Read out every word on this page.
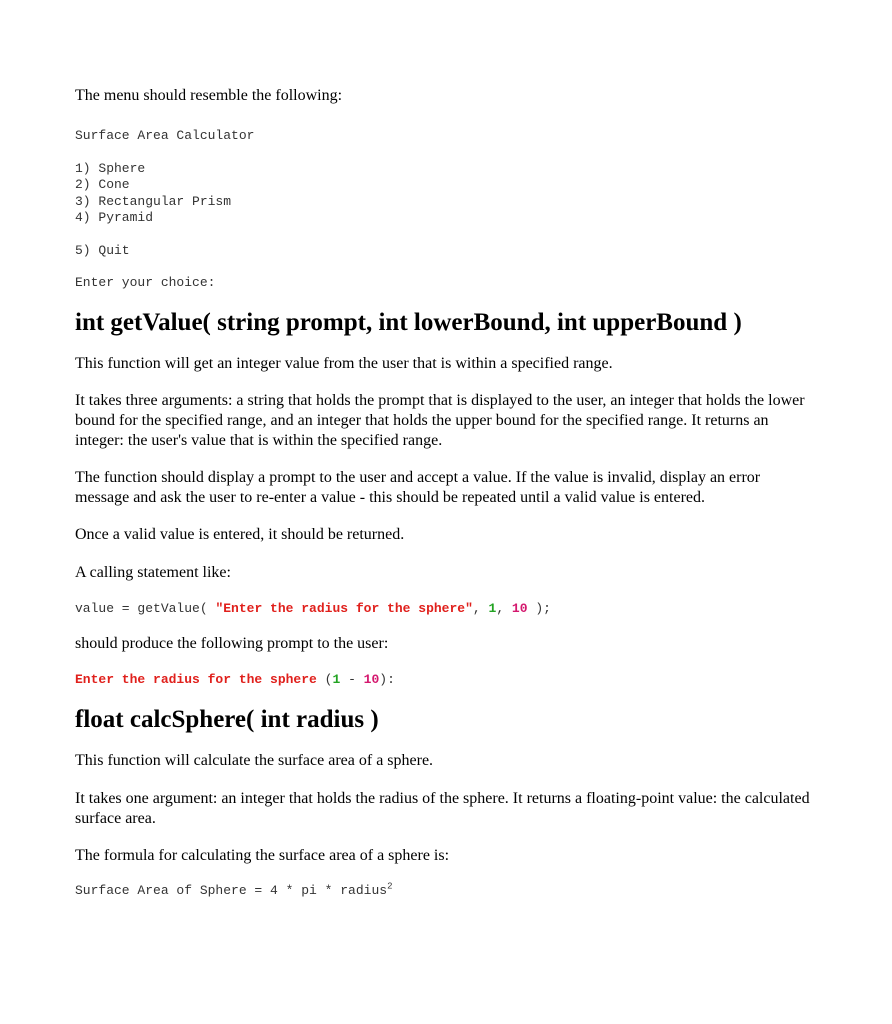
The menu should resemble the following:

Surface Area Calculator
1) Sphere
2) Cone
3) Rectangular Prism
4) Pyramid
5) Quit
Enter your choice:
int getValue( string prompt, int lowerBound, int upperBound )

This function will get an integer value from the user that is within a specified range.

It takes three arguments: a string that holds the prompt that is displayed to the user, an integer that holds the lower bound for the specified range, and an integer that holds the upper bound for the specified range. It returns an integer: the user's value that is within the specified range.

The function should display a prompt to the user and accept a value. If the value is invalid, display an error message and ask the user to re-enter a value - this should be repeated until a valid value is entered.

Once a valid value is entered, it should be returned.

A calling statement like:

value = getValue( "Enter the radius for the sphere", 1, 10 );

should produce the following prompt to the user:

Enter the radius for the sphere (1 - 10):
float calcSphere( int radius )

This function will calculate the surface area of a sphere.

It takes one argument: an integer that holds the radius of the sphere. It returns a floating-point value: the calculated surface area.

The formula for calculating the surface area of a sphere is:

Surface Area of Sphere = 4 * pi * radius$^2$
